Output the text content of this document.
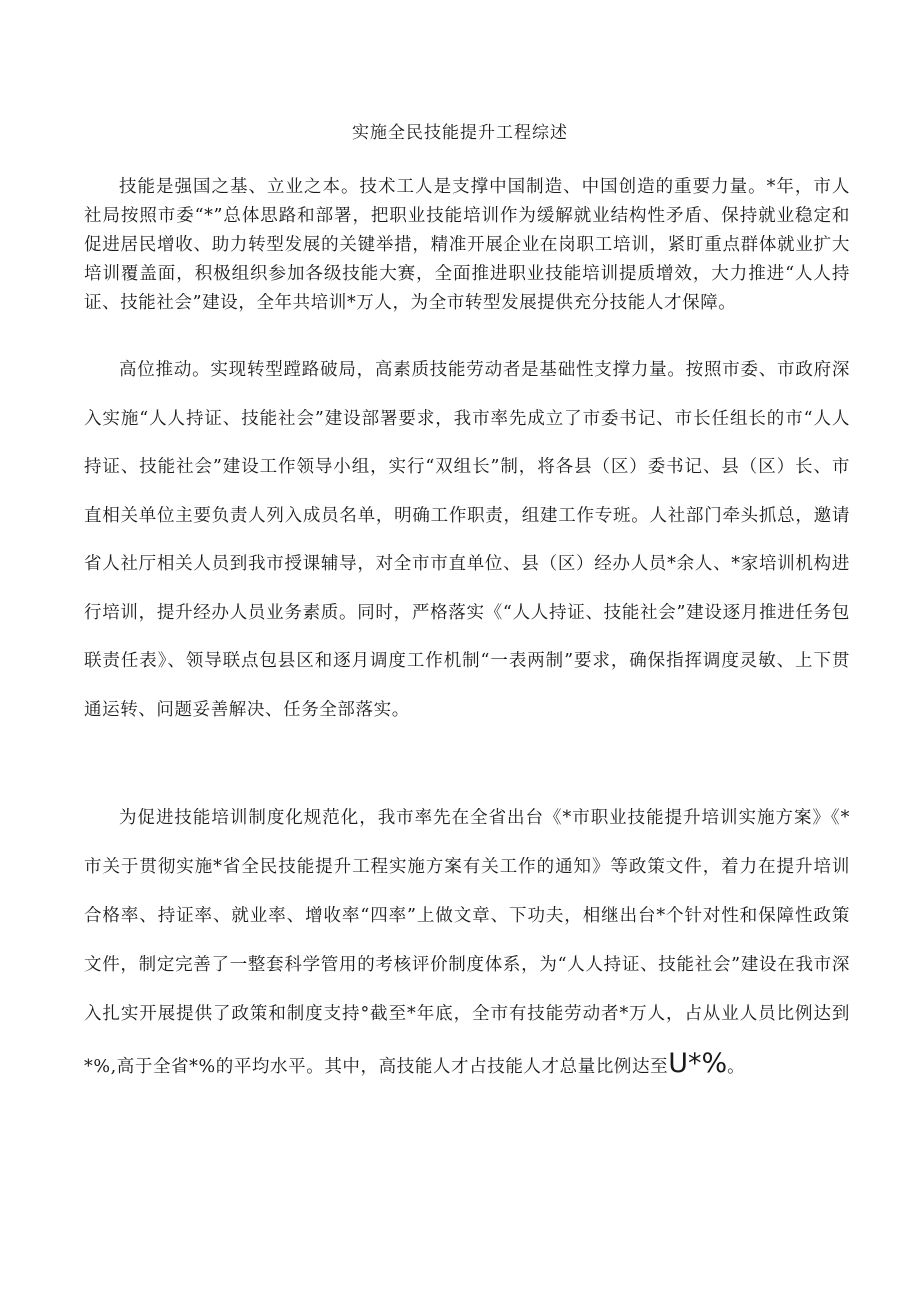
实施全民技能提升工程综述

技能是强国之基、立业之本。技术工人是支撑中国制造、中国创造的重要力量。*年，市人社局按照市委“*”总体思路和部署，把职业技能培训作为缓解就业结构性矛盾、保持就业稳定和促进居民增收、助力转型发展的关键举措，精准开展企业在岗职工培训，紧盯重点群体就业扩大培训覆盖面，积极组织参加各级技能大赛，全面推进职业技能培训提质增效，大力推进“人人持证、技能社会”建设，全年共培训*万人，为全市转型发展提供充分技能人才保障。

高位推动。实现转型蹚路破局，高素质技能劳动者是基础性支撑力量。按照市委、市政府深入实施“人人持证、技能社会”建设部署要求，我市率先成立了市委书记、市长任组长的市“人人持证、技能社会”建设工作领导小组，实行“双组长”制，将各县（区）委书记、县（区）长、市直相关单位主要负责人列入成员名单，明确工作职责，组建工作专班。人社部门牵头抓总，邀请省人社厅相关人员到我市授课辅导，对全市市直单位、县（区）经办人员*余人、*家培训机构进行培训，提升经办人员业务素质。同时，严格落实《“人人持证、技能社会”建设逐月推进任务包联责任表》、领导联点包县区和逐月调度工作机制“一表两制”要求，确保指挥调度灵敏、上下贯通运转、问题妥善解决、任务全部落实。

为促进技能培训制度化规范化，我市率先在全省出台《*市职业技能提升培训实施方案》《*市关于贯彻实施*省全民技能提升工程实施方案有关工作的通知》等政策文件，着力在提升培训合格率、持证率、就业率、增收率“四率”上做文章、下功夫，相继出台*个针对性和保障性政策文件，制定完善了一整套科学管用的考核评价制度体系，为“人人持证、技能社会”建设在我市深入扎实开展提供了政策和制度支持°截至*年底，全市有技能劳动者*万人，占从业人员比例达到*%,高于全省*%的平均水平。其中，高技能人才占技能人才总量比例达至U*%。
